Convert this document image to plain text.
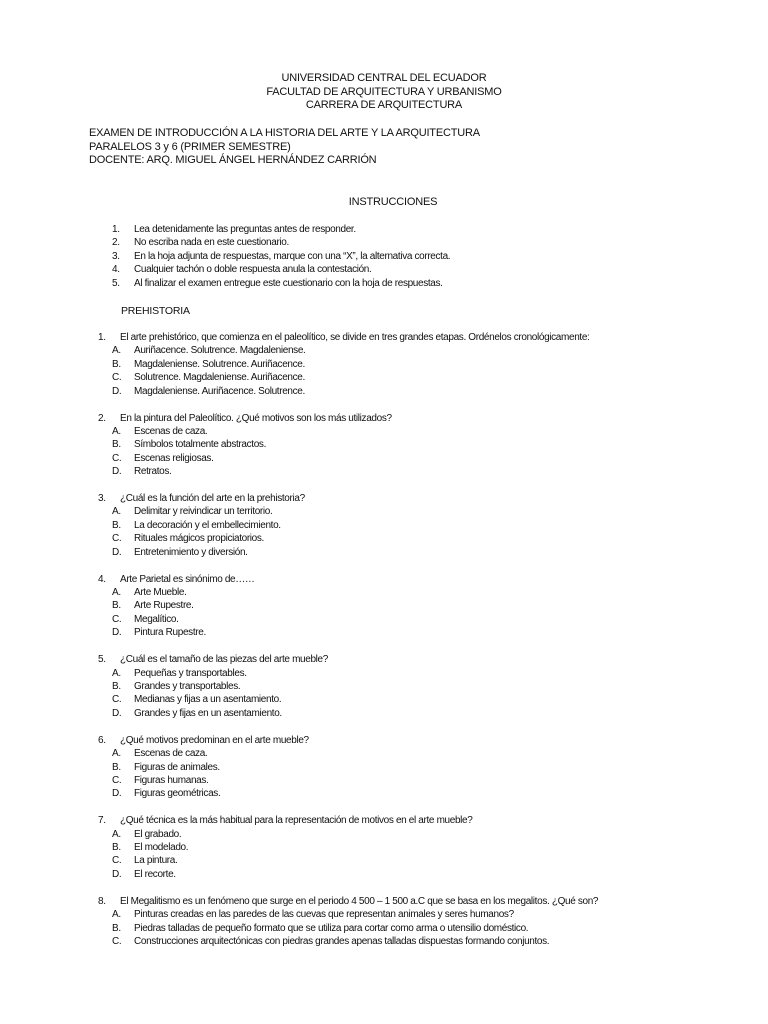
UNIVERSIDAD CENTRAL DEL ECUADOR
FACULTAD DE ARQUITECTURA Y URBANISMO
CARRERA DE ARQUITECTURA
EXAMEN DE INTRODUCCIÓN A LA HISTORIA DEL ARTE Y LA ARQUITECTURA
PARALELOS 3 y 6 (PRIMER SEMESTRE)
DOCENTE: ARQ. MIGUEL ÁNGEL HERNÁNDEZ CARRIÓN
INSTRUCCIONES
1. Lea detenidamente las preguntas antes de responder.
2. No escriba nada en este cuestionario.
3. En la hoja adjunta de respuestas, marque con una “X”, la alternativa correcta.
4. Cualquier tachón o doble respuesta anula la contestación.
5. Al finalizar el examen entregue este cuestionario con la hoja de respuestas.
PREHISTORIA
1. El arte prehistórico, que comienza en el paleolítico, se divide en tres grandes etapas. Ordénelos cronológicamente:
A. Auriñacence. Solutrence. Magdaleniense.
B. Magdaleniense. Solutrence. Auriñacence.
C. Solutrence. Magdaleniense. Auriñacence.
D. Magdaleniense. Auriñacence. Solutrence.
2. En la pintura del Paleolítico. ¿Qué motivos son los más utilizados?
A. Escenas de caza.
B. Símbolos totalmente abstractos.
C. Escenas religiosas.
D. Retratos.
3. ¿Cuál es la función del arte en la prehistoria?
A. Delimitar y reivindicar un territorio.
B. La decoración y el embellecimiento.
C. Rituales mágicos propiciatorios.
D. Entretenimiento y diversión.
4. Arte Parietal es sinónimo de……
A. Arte Mueble.
B. Arte Rupestre.
C. Megalítico.
D. Pintura Rupestre.
5. ¿Cuál es el tamaño de las piezas del arte mueble?
A. Pequeñas y transportables.
B. Grandes y transportables.
C. Medianas y fijas a un asentamiento.
D. Grandes y fijas en un asentamiento.
6. ¿Qué motivos predominan en el arte mueble?
A. Escenas de caza.
B. Figuras de animales.
C. Figuras humanas.
D. Figuras geométricas.
7. ¿Qué técnica es la más habitual para la representación de motivos en el arte mueble?
A. El grabado.
B. El modelado.
C. La pintura.
D. El recorte.
8. El Megalitismo es un fenómeno que surge en el periodo 4 500 – 1 500 a.C que se basa en los megalitos. ¿Qué son?
A. Pinturas creadas en las paredes de las cuevas que representan animales y seres humanos?
B. Piedras talladas de pequeño formato que se utiliza para cortar como arma o utensilio doméstico.
C. Construcciones arquitectónicas con piedras grandes apenas talladas dispuestas formando conjuntos.
